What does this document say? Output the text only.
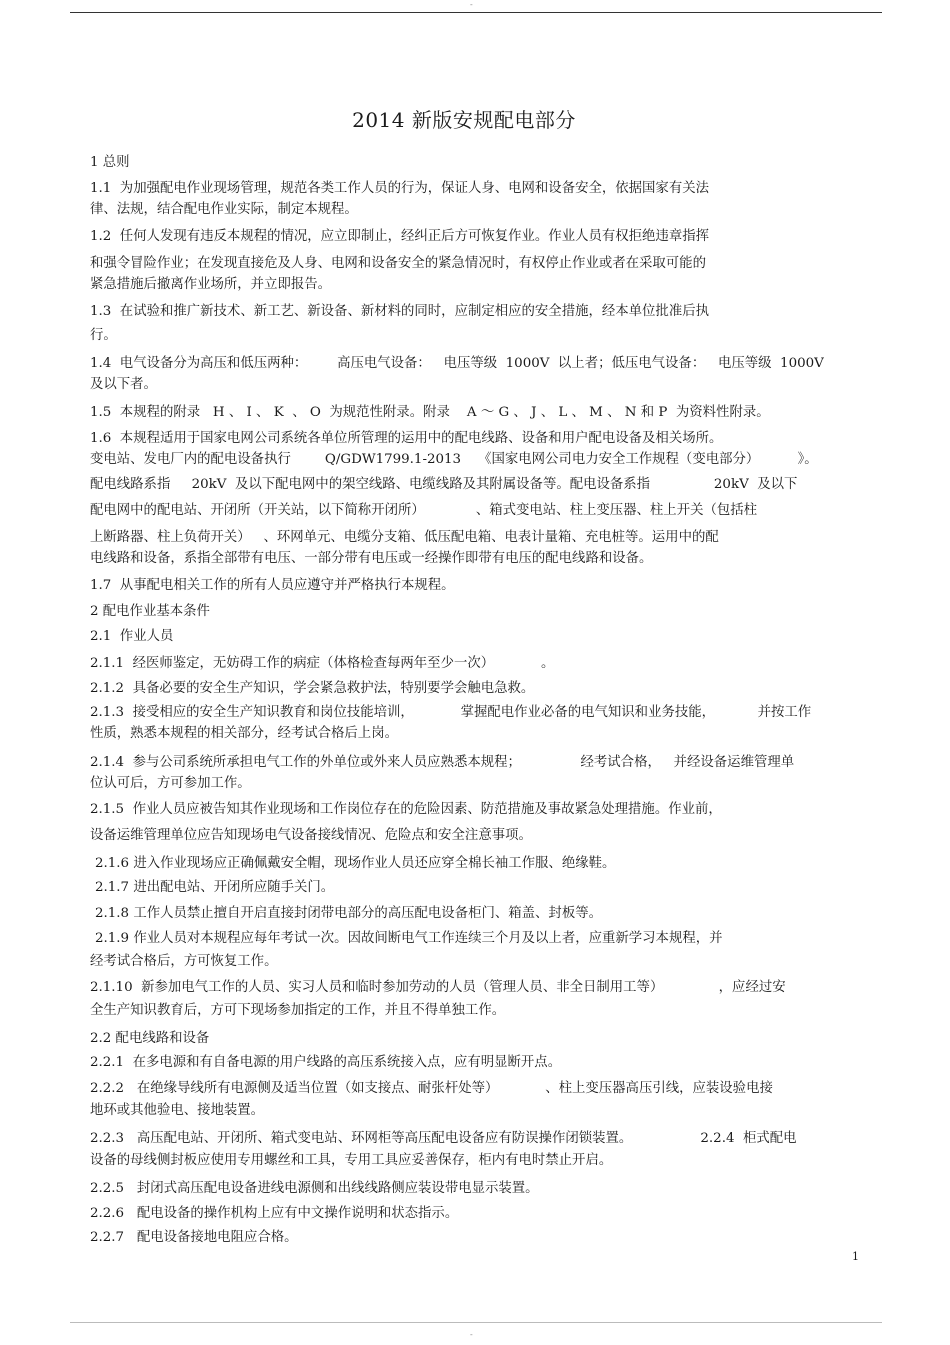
-
2014 新版安规配电部分
1 总则
1.1  为加强配电作业现场管理，规范各类工作人员的行为，保证人身、电网和设备安全，依据国家有关法
律、法规，结合配电作业实际，制定本规程。
1.2  任何人发现有违反本规程的情况，应立即制止，经纠正后方可恢复作业。作业人员有权拒绝违章指挥
和强令冒险作业；在发现直接危及人身、电网和设备安全的紧急情况时，有权停止作业或者在采取可能的
紧急措施后撤离作业场所，并立即报告。
1.3  在试验和推广新技术、新工艺、新设备、新材料的同时，应制定相应的安全措施，经本单位批准后执
行。
1.4  电气设备分为高压和低压两种：       高压电气设备：   电压等级  1000V  以上者；低压电气设备：   电压等级  1000V
及以下者。
1.5  本规程的附录   H 、 I 、 K  、 O  为规范性附录。附录    A ～ G 、 J 、 L 、 M 、 N 和 P  为资料性附录。
1.6  本规程适用于国家电网公司系统各单位所管理的运用中的配电线路、设备和用户配电设备及相关场所。
变电站、发电厂内的配电设备执行        Q/GDW1799.1-2013    《国家电网公司电力安全工作规程（变电部分）         》。
配电线路系指     20kV  及以下配电网中的架空线路、电缆线路及其附属设备等。配电设备系指               20kV  及以下
配电网中的配电站、开闭所（开关站，以下简称开闭所）            、箱式变电站、柱上变压器、柱上开关（包括柱
上断路器、柱上负荷开关）   、环网单元、电缆分支箱、低压配电箱、电表计量箱、充电桩等。运用中的配
电线路和设备，系指全部带有电压、一部分带有电压或一经操作即带有电压的配电线路和设备。
1.7  从事配电相关工作的所有人员应遵守并严格执行本规程。
2 配电作业基本条件
2.1  作业人员
2.1.1  经医师鉴定，无妨碍工作的病症（体格检查每两年至少一次）           。
2.1.2  具备必要的安全生产知识，学会紧急救护法，特别要学会触电急救。
2.1.3  接受相应的安全生产知识教育和岗位技能培训，           掌握配电作业必备的电气知识和业务技能，          并按工作
性质，熟悉本规程的相关部分，经考试合格后上岗。
2.1.4  参与公司系统所承担电气工作的外单位或外来人员应熟悉本规程；              经考试合格，   并经设备运维管理单
位认可后，方可参加工作。
2.1.5  作业人员应被告知其作业现场和工作岗位存在的危险因素、防范措施及事故紧急处理措施。作业前，
设备运维管理单位应告知现场电气设备接线情况、危险点和安全注意事项。
2.1.6 进入作业现场应正确佩戴安全帽，现场作业人员还应穿全棉长袖工作服、绝缘鞋。
2.1.7 进出配电站、开闭所应随手关门。
2.1.8 工作人员禁止擅自开启直接封闭带电部分的高压配电设备柜门、箱盖、封板等。
2.1.9 作业人员对本规程应每年考试一次。因故间断电气工作连续三个月及以上者，应重新学习本规程，并
经考试合格后，方可恢复工作。
2.1.10  新参加电气工作的人员、实习人员和临时参加劳动的人员（管理人员、非全日制用工等）             ，应经过安
全生产知识教育后，方可下现场参加指定的工作，并且不得单独工作。
2.2 配电线路和设备
2.2.1  在多电源和有自备电源的用户线路的高压系统接入点，应有明显断开点。
2.2.2   在绝缘导线所有电源侧及适当位置（如支接点、耐张杆处等）           、柱上变压器高压引线，应装设验电接
地环或其他验电、接地装置。
2.2.3   高压配电站、开闭所、箱式变电站、环网柜等高压配电设备应有防误操作闭锁装置。                2.2.4  柜式配电
设备的母线侧封板应使用专用螺丝和工具，专用工具应妥善保存，柜内有电时禁止开启。
2.2.5   封闭式高压配电设备进线电源侧和出线线路侧应装设带电显示装置。
2.2.6   配电设备的操作机构上应有中文操作说明和状态指示。
2.2.7   配电设备接地电阻应合格。
1
-
